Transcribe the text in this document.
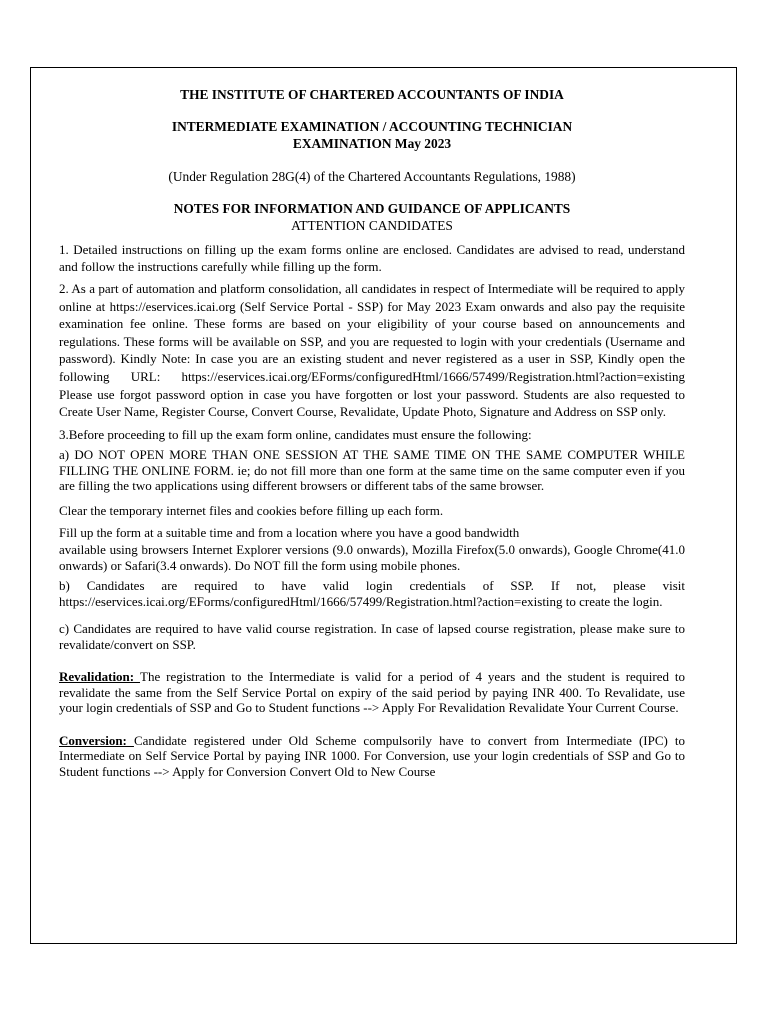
THE INSTITUTE OF CHARTERED ACCOUNTANTS OF INDIA
INTERMEDIATE EXAMINATION / ACCOUNTING TECHNICIAN
EXAMINATION May 2023
(Under Regulation 28G(4) of the Chartered Accountants Regulations, 1988)
NOTES FOR INFORMATION AND GUIDANCE OF APPLICANTS
ATTENTION CANDIDATES

1. Detailed instructions on filling up the exam forms online are enclosed. Candidates are advised to read, understand and follow the instructions carefully while filling up the form.

2. As a part of automation and platform consolidation, all candidates in respect of Intermediate will be required to apply online at https://eservices.icai.org (Self Service Portal - SSP) for May 2023 Exam onwards and also pay the requisite examination fee online. These forms are based on your eligibility of your course based on announcements and regulations. These forms will be available on SSP, and you are requested to login with your credentials (Username and password). Kindly Note: In case you are an existing student and never registered as a user in SSP, Kindly open the following URL: https://eservices.icai.org/EForms/configuredHtml/1666/57499/Registration.html?action=existing Please use forgot password option in case you have forgotten or lost your password. Students are also requested to Create User Name, Register Course, Convert Course, Revalidate, Update Photo, Signature and Address on SSP only.

3.Before proceeding to fill up the exam form online, candidates must ensure the following:

a) DO NOT OPEN MORE THAN ONE SESSION AT THE SAME TIME ON THE SAME COMPUTER WHILE FILLING THE ONLINE FORM. ie; do not fill more than one form at the same time on the same computer even if you are filling the two applications using different browsers or different tabs of the same browser.

Clear the temporary internet files and cookies before filling up each form.

Fill up the form at a suitable time and from a location where you have a good bandwidth

available using browsers Internet Explorer versions (9.0 onwards), Mozilla Firefox(5.0 onwards), Google Chrome(41.0 onwards) or Safari(3.4 onwards). Do NOT fill the form using mobile phones.

b) Candidates are required to have valid login credentials of SSP. If not, please visit https://eservices.icai.org/EForms/configuredHtml/1666/57499/Registration.html?action=existing to create the login.

c) Candidates are required to have valid course registration. In case of lapsed course registration, please make sure to revalidate/convert on SSP.

Revalidation: The registration to the Intermediate is valid for a period of 4 years and the student is required to revalidate the same from the Self Service Portal on expiry of the said period by paying INR 400. To Revalidate, use your login credentials of SSP and Go to Student functions --> Apply For Revalidation Revalidate Your Current Course.

Conversion: Candidate registered under Old Scheme compulsorily have to convert from Intermediate (IPC) to Intermediate on Self Service Portal by paying INR 1000. For Conversion, use your login credentials of SSP and Go to Student functions --> Apply for Conversion Convert Old to New Course
